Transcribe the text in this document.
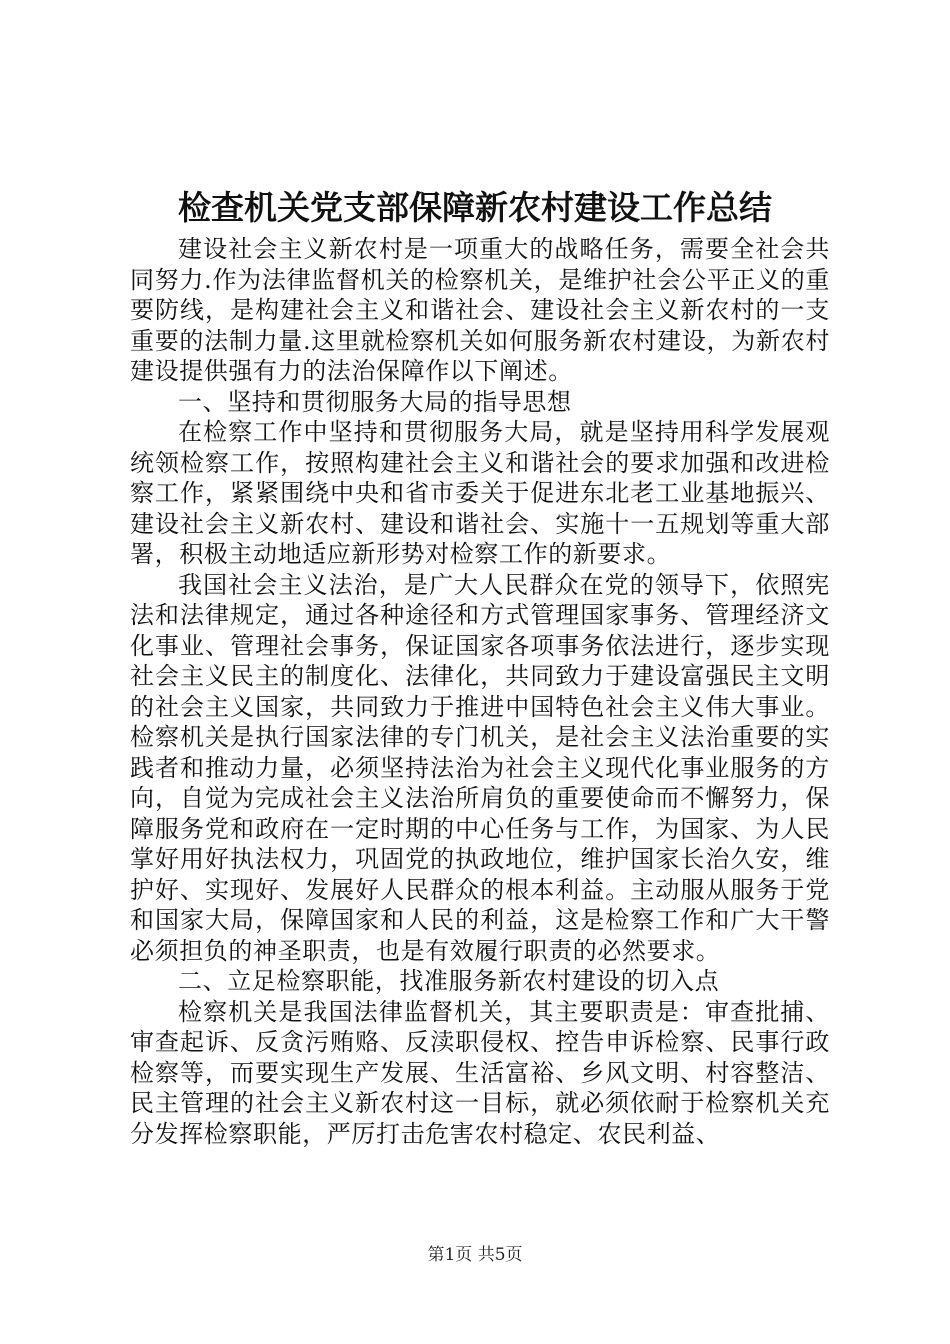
检查机关党支部保障新农村建设工作总结

建设社会主义新农村是一项重大的战略任务，需要全社会共同努力.作为法律监督机关的检察机关，是维护社会公平正义的重要防线，是构建社会主义和谐社会、建设社会主义新农村的一支重要的法制力量.这里就检察机关如何服务新农村建设，为新农村建设提供强有力的法治保障作以下阐述。

一、坚持和贯彻服务大局的指导思想

在检察工作中坚持和贯彻服务大局，就是坚持用科学发展观统领检察工作，按照构建社会主义和谐社会的要求加强和改进检察工作，紧紧围绕中央和省市委关于促进东北老工业基地振兴、建设社会主义新农村、建设和谐社会、实施十一五规划等重大部署，积极主动地适应新形势对检察工作的新要求。

我国社会主义法治，是广大人民群众在党的领导下，依照宪法和法律规定，通过各种途径和方式管理国家事务、管理经济文化事业、管理社会事务，保证国家各项事务依法进行，逐步实现社会主义民主的制度化、法律化，共同致力于建设富强民主文明的社会主义国家，共同致力于推进中国特色社会主义伟大事业。检察机关是执行国家法律的专门机关，是社会主义法治重要的实践者和推动力量，必须坚持法治为社会主义现代化事业服务的方向，自觉为完成社会主义法治所肩负的重要使命而不懈努力，保障服务党和政府在一定时期的中心任务与工作，为国家、为人民掌好用好执法权力，巩固党的执政地位，维护国家长治久安，维护好、实现好、发展好人民群众的根本利益。主动服从服务于党和国家大局，保障国家和人民的利益，这是检察工作和广大干警必须担负的神圣职责，也是有效履行职责的必然要求。

二、立足检察职能，找准服务新农村建设的切入点

检察机关是我国法律监督机关，其主要职责是：审查批捕、审查起诉、反贪污贿赂、反渎职侵权、控告申诉检察、民事行政检察等，而要实现生产发展、生活富裕、乡风文明、村容整洁、民主管理的社会主义新农村这一目标，就必须依耐于检察机关充分发挥检察职能，严厉打击危害农村稳定、农民利益、

第1页 共5页
